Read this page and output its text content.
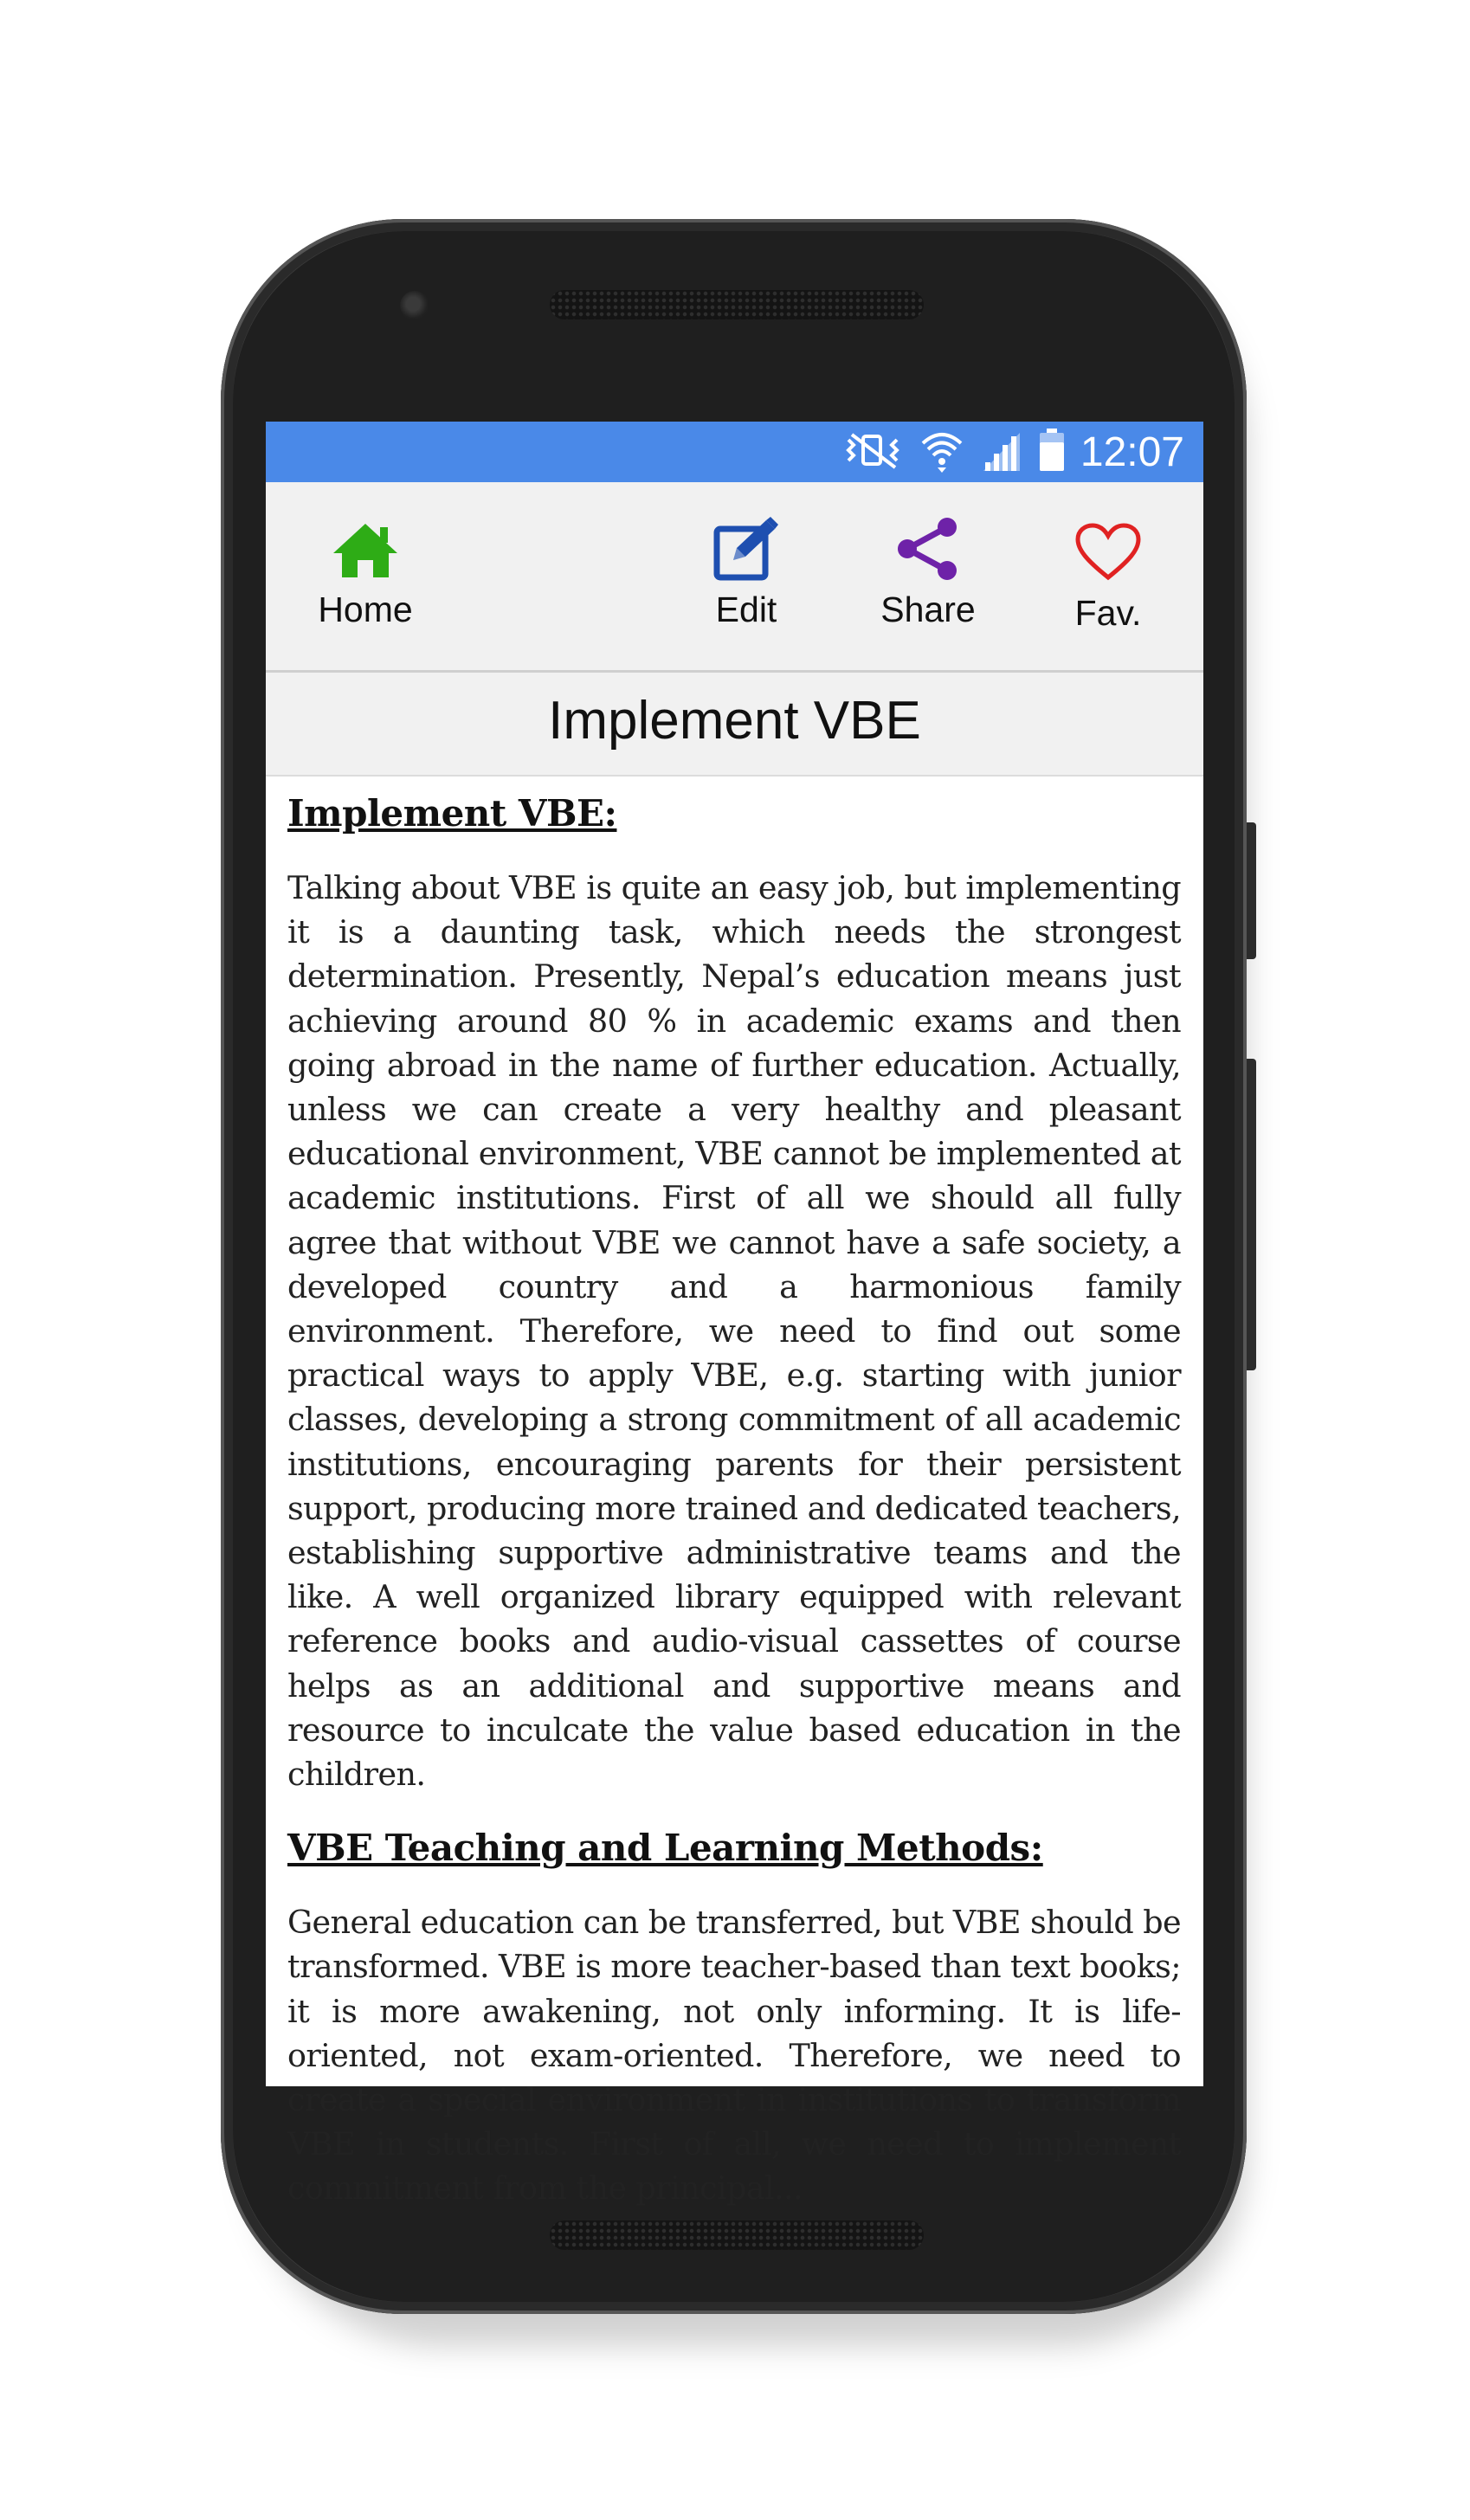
12:07
Home	Edit	Share	Fav.
Implement VBE
Implement VBE:

Talking about VBE is quite an easy job, but implementing it is a daunting task, which needs the strongest determination. Presently, Nepal’s education means just achieving around 80 % in academic exams and then going abroad in the name of further education. Actually, unless we can create a very healthy and pleasant educational environment, VBE cannot be implemented at academic institutions. First of all we should all fully agree that without VBE we cannot have a safe society, a developed country and a harmonious family environment. Therefore, we need to find out some practical ways to apply VBE, e.g. starting with junior classes, developing a strong commitment of all academic institutions, encouraging parents for their persistent support, producing more trained and dedicated teachers, establishing supportive administrative teams and the like. A well organized library equipped with relevant reference books and audio-visual cassettes of course helps as an additional and supportive means and resource to inculcate the value based education in the children.

VBE Teaching and Learning Methods:

General education can be transferred, but VBE should be transformed. VBE is more teacher-based than text books; it is more awakening, not only informing. It is life-oriented, not exam-oriented. Therefore, we need to create a special environment in institutions to transform VBE in students. First of all, we need to implement commitment from the principal...
